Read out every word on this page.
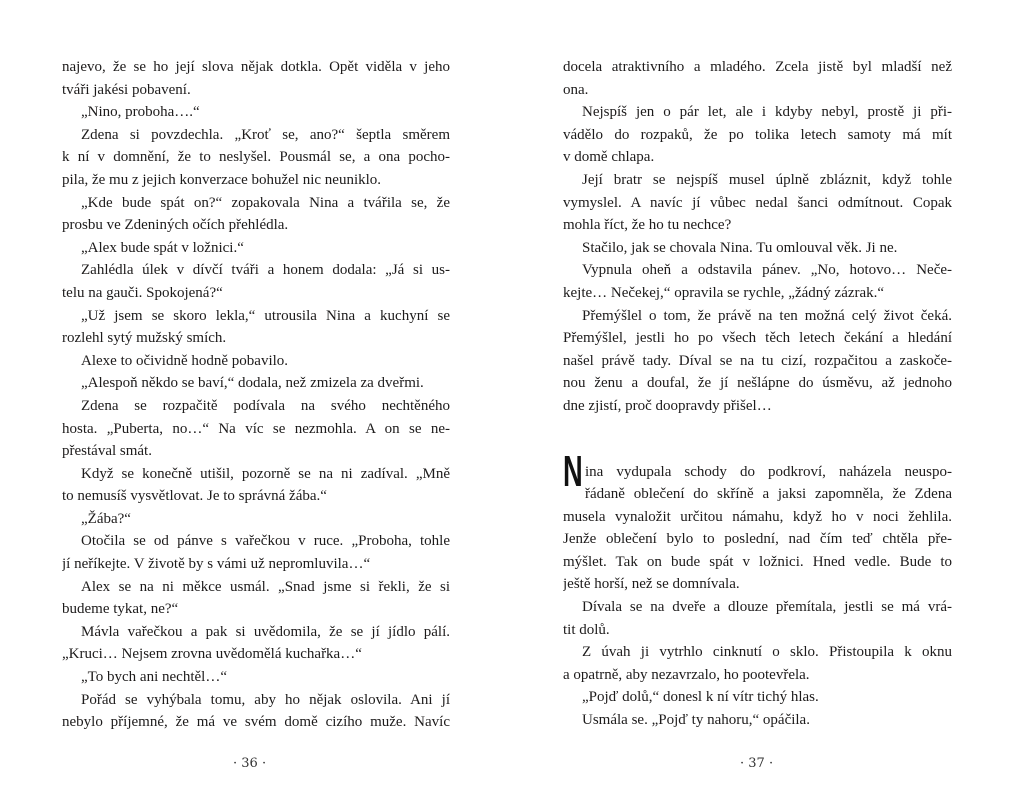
najevo, že se ho její slova nějak dotkla. Opět viděla v jeho
tváři jakési pobavení.
„Nino, proboha….“
Zdena si povzdechla. „Kroť se, ano?“ šeptla směrem
k ní v domnění, že to neslyšel. Pousmál se, a ona pocho-
pila, že mu z jejich konverzace bohužel nic neuniklo.
„Kde bude spát on?“ zopakovala Nina a tvářila se, že
prosbu ve Zdeniných očích přehlédla.
„Alex bude spát v ložnici.“
Zahlédla úlek v dívčí tváři a honem dodala: „Já si us-
telu na gauči. Spokojená?“
„Už jsem se skoro lekla,“ utrousila Nina a kuchyní se
rozlehl sytý mužský smích.
Alexe to očividně hodně pobavilo.
„Alespoň někdo se baví,“ dodala, než zmizela za dveřmi.
Zdena se rozpačitě podívala na svého nechtěného
hosta. „Puberta, no…“ Na víc se nezmohla. A on se ne-
přestával smát.
Když se konečně utišil, pozorně se na ni zadíval. „Mně
to nemusíš vysvětlovat. Je to správná žába.“
„Žába?“
Otočila se od pánve s vařečkou v ruce. „Proboha, tohle
jí neříkejte. V životě by s vámi už nepromluvila…“
Alex se na ni měkce usmál. „Snad jsme si řekli, že si
budeme tykat, ne?“
Mávla vařečkou a pak si uvědomila, že se jí jídlo pálí.
„Kruci… Nejsem zrovna uvědomělá kuchařka…“
„To bych ani nechtěl…“
Pořád se vyhýbala tomu, aby ho nějak oslovila. Ani jí
nebylo příjemné, že má ve svém domě cizího muže. Navíc
docela atraktivního a mladého. Zcela jistě byl mladší než
ona.
Nejspíš jen o pár let, ale i kdyby nebyl, prostě ji při-
vádělo do rozpaků, že po tolika letech samoty má mít
v domě chlapa.
Její bratr se nejspíš musel úplně zbláznit, když tohle
vymyslel. A navíc jí vůbec nedal šanci odmítnout. Copak
mohla říct, že ho tu nechce?
Stačilo, jak se chovala Nina. Tu omlouval věk. Ji ne.
Vypnula oheň a odstavila pánev. „No, hotovo… Neče-
kejte… Nečekej,“ opravila se rychle, „žádný zázrak.“
Přemýšlel o tom, že právě na ten možná celý život čeká.
Přemýšlel, jestli ho po všech těch letech čekání a hledání
našel právě tady. Díval se na tu cizí, rozpačitou a zaskoče-
nou ženu a doufal, že jí nešlápne do úsměvu, až jednoho
dne zjistí, proč doopravdy přišel…
N ina vydupala schody do podkroví, naházela neuspo-
řádaně oblečení do skříně a jaksi zapomněla, že Zdena
musela vynaložit určitou námahu, když ho v noci žehlila.
Jenže oblečení bylo to poslední, nad čím teď chtěla pře-
mýšlet. Tak on bude spát v ložnici. Hned vedle. Bude to
ještě horší, než se domnívala.
Dívala se na dveře a dlouze přemítala, jestli se má vrá-
tit dolů.
Z úvah ji vytrhlo cinknutí o sklo. Přistoupila k oknu
a opatrně, aby nezavrzalo, ho pootevřela.
„Pojď dolů,“ donesl k ní vítr tichý hlas.
Usmála se. „Pojď ty nahoru,“ opáčila.
· 36 ·	· 37 ·
